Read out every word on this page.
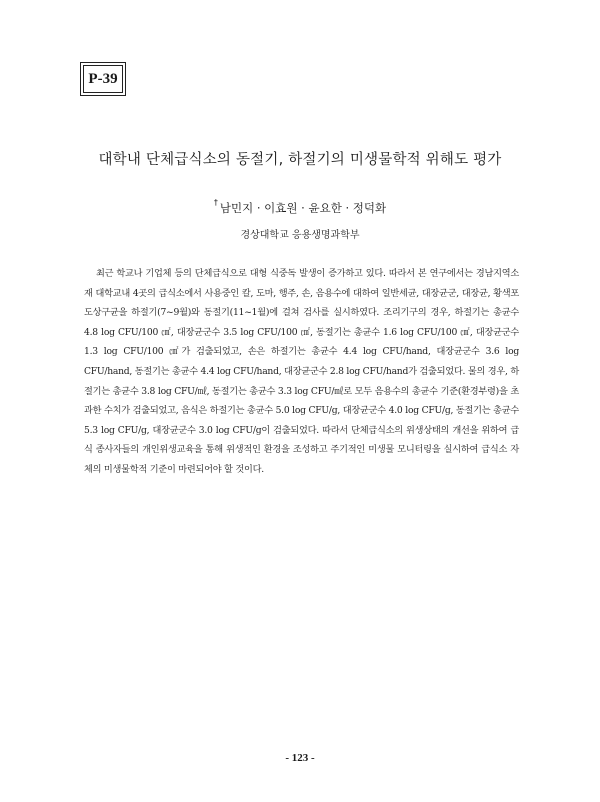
P-39
대학내 단체급식소의 동절기, 하절기의 미생물학적 위해도 평가
† 남민지 · 이효원 · 윤요한 · 정덕화
경상대학교 응용생명과학부

최근 학교나 기업체 등의 단체급식으로 대형 식중독 발생이 증가하고 있다. 따라서 본 연구에서는 경남지역소재 대학교내 4곳의 급식소에서 사용중인 칼, 도마, 행주, 손, 음용수에 대하여 일반세균, 대장균군, 대장균, 황색포도상구균을 하절기(7~9월)와 동절기(11~1월)에 걸쳐 검사를 실시하였다. 조리기구의 경우, 하절기는 총균수 4.8 log CFU/100 ㎠, 대장균군수 3.5 log CFU/100 ㎠, 동절기는 총균수 1.6 log CFU/100 ㎠, 대장균군수 1.3 log CFU/100 ㎠가 검출되었고, 손은 하절기는 총균수 4.4 log CFU/hand, 대장균군수 3.6 log CFU/hand, 동절기는 총균수 4.4 log CFU/hand, 대장균군수 2.8 log CFU/hand가 검출되었다. 물의 경우, 하절기는 총균수 3.8 log CFU/㎖, 동절기는 총균수 3.3 log CFU/㎖로 모두 음용수의 총균수 기준(환경부령)을 초과한 수치가 검출되었고, 음식은 하절기는 총균수 5.0 log CFU/g, 대장균군수 4.0 log CFU/g, 동절기는 총균수 5.3 log CFU/g, 대장균군수 3.0 log CFU/g이 검출되었다. 따라서 단체급식소의 위생상태의 개선을 위하여 급식 종사자들의 개인위생교육을 통해 위생적인 환경을 조성하고 주기적인 미생물 모니터링을 실시하여 급식소 자체의 미생물학적 기준이 마련되어야 할 것이다.

- 123 -
